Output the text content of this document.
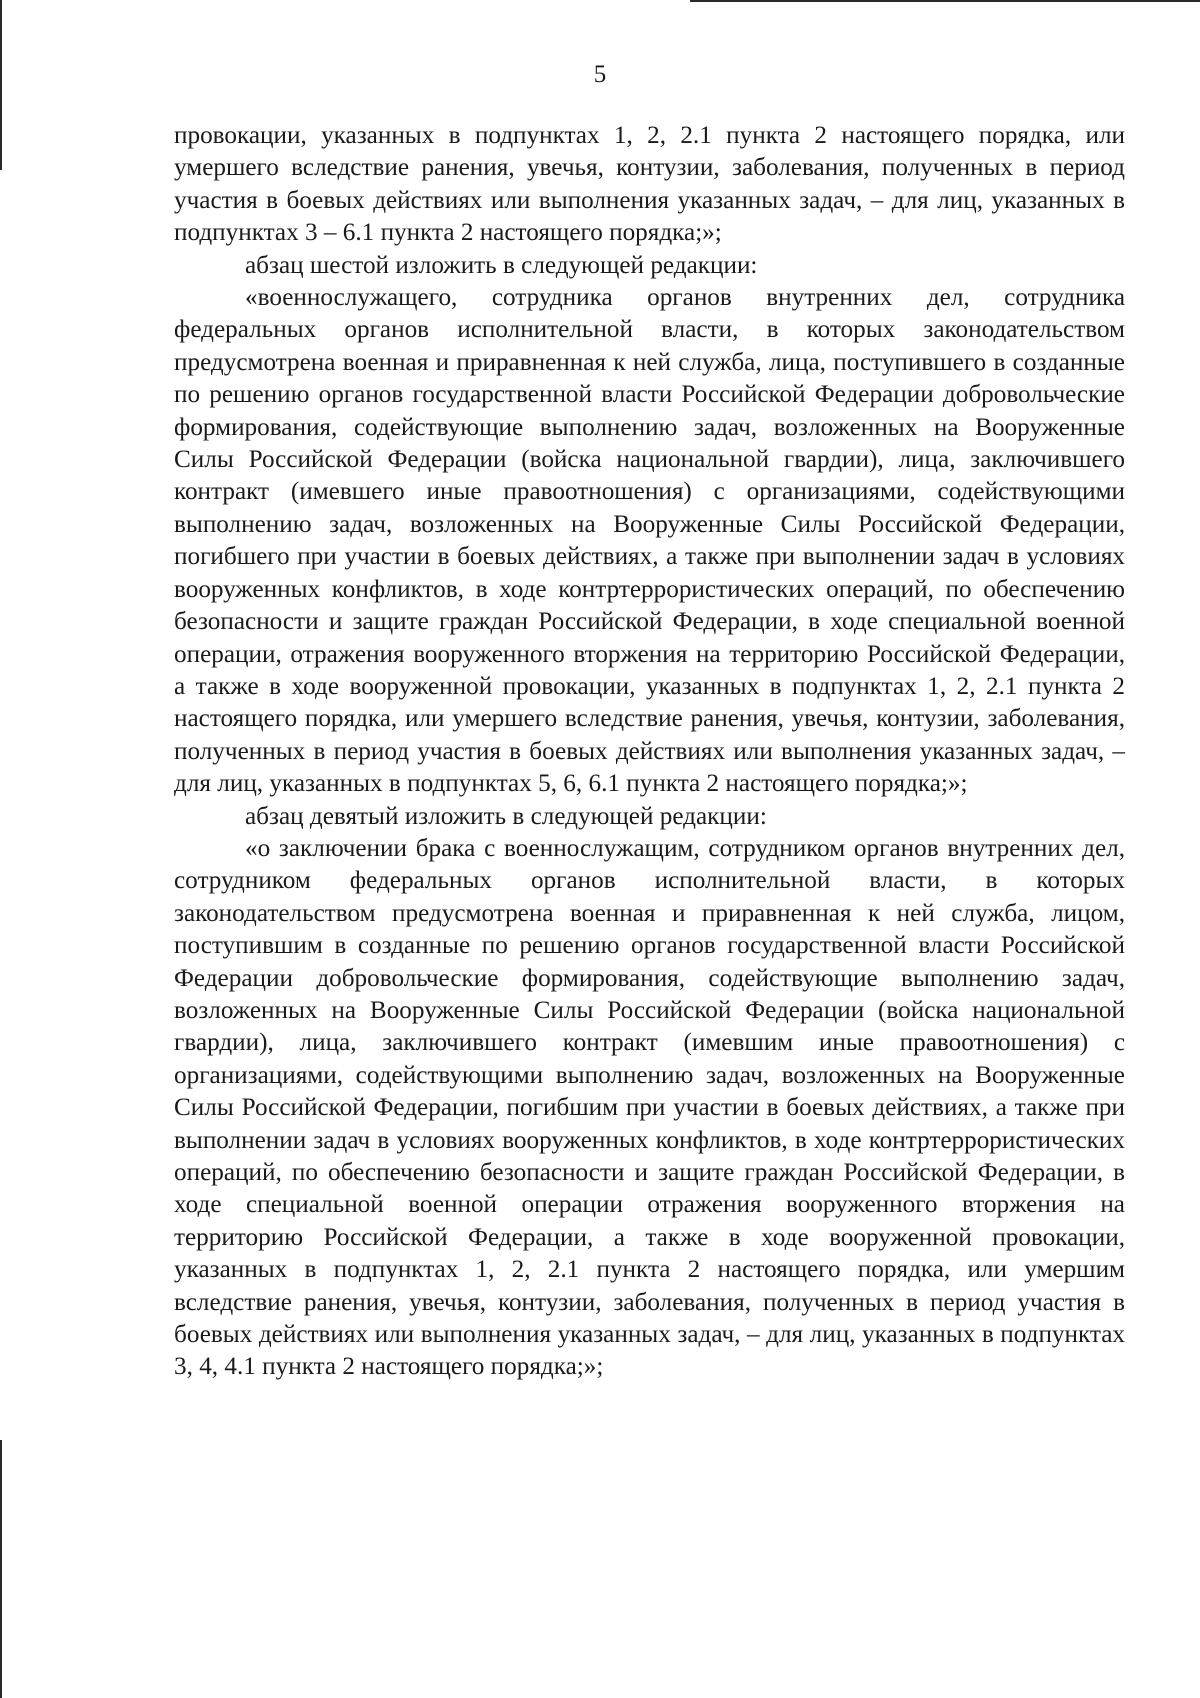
5

провокации, указанных в подпунктах 1, 2, 2.1 пункта 2 настоящего порядка, или умершего вследствие ранения, увечья, контузии, заболевания, полученных в период участия в боевых действиях или выполнения указанных задач, – для лиц, указанных в подпунктах 3 – 6.1 пункта 2 настоящего порядка;»;

абзац шестой изложить в следующей редакции:

«военнослужащего, сотрудника органов внутренних дел, сотрудника федеральных органов исполнительной власти, в которых законодательством предусмотрена военная и приравненная к ней служба, лица, поступившего в созданные по решению органов государственной власти Российской Федерации добровольческие формирования, содействующие выполнению задач, возложенных на Вооруженные Силы Российской Федерации (войска национальной гвардии), лица, заключившего контракт (имевшего иные правоотношения) с организациями, содействующими выполнению задач, возложенных на Вооруженные Силы Российской Федерации, погибшего при участии в боевых действиях, а также при выполнении задач в условиях вооруженных конфликтов, в ходе контртеррористических операций, по обеспечению безопасности и защите граждан Российской Федерации, в ходе специальной военной операции, отражения вооруженного вторжения на территорию Российской Федерации, а также в ходе вооруженной провокации, указанных в подпунктах 1, 2, 2.1 пункта 2 настоящего порядка, или умершего вследствие ранения, увечья, контузии, заболевания, полученных в период участия в боевых действиях или выполнения указанных задач, – для лиц, указанных в подпунктах 5, 6, 6.1 пункта 2 настоящего порядка;»;

абзац девятый изложить в следующей редакции:

«о заключении брака с военнослужащим, сотрудником органов внутренних дел, сотрудником федеральных органов исполнительной власти, в которых законодательством предусмотрена военная и приравненная к ней служба, лицом, поступившим в созданные по решению органов государственной власти Российской Федерации добровольческие формирования, содействующие выполнению задач, возложенных на Вооруженные Силы Российской Федерации (войска национальной гвардии), лица, заключившего контракт (имевшим иные правоотношения) с организациями, содействующими выполнению задач, возложенных на Вооруженные Силы Российской Федерации, погибшим при участии в боевых действиях, а также при выполнении задач в условиях вооруженных конфликтов, в ходе контртеррористических операций, по обеспечению безопасности и защите граждан Российской Федерации, в ходе специальной военной операции отражения вооруженного вторжения на территорию Российской Федерации, а также в ходе вооруженной провокации, указанных в подпунктах 1, 2, 2.1 пункта 2 настоящего порядка, или умершим вследствие ранения, увечья, контузии, заболевания, полученных в период участия в боевых действиях или выполнения указанных задач, – для лиц, указанных в подпунктах 3, 4, 4.1 пункта 2 настоящего порядка;»;
